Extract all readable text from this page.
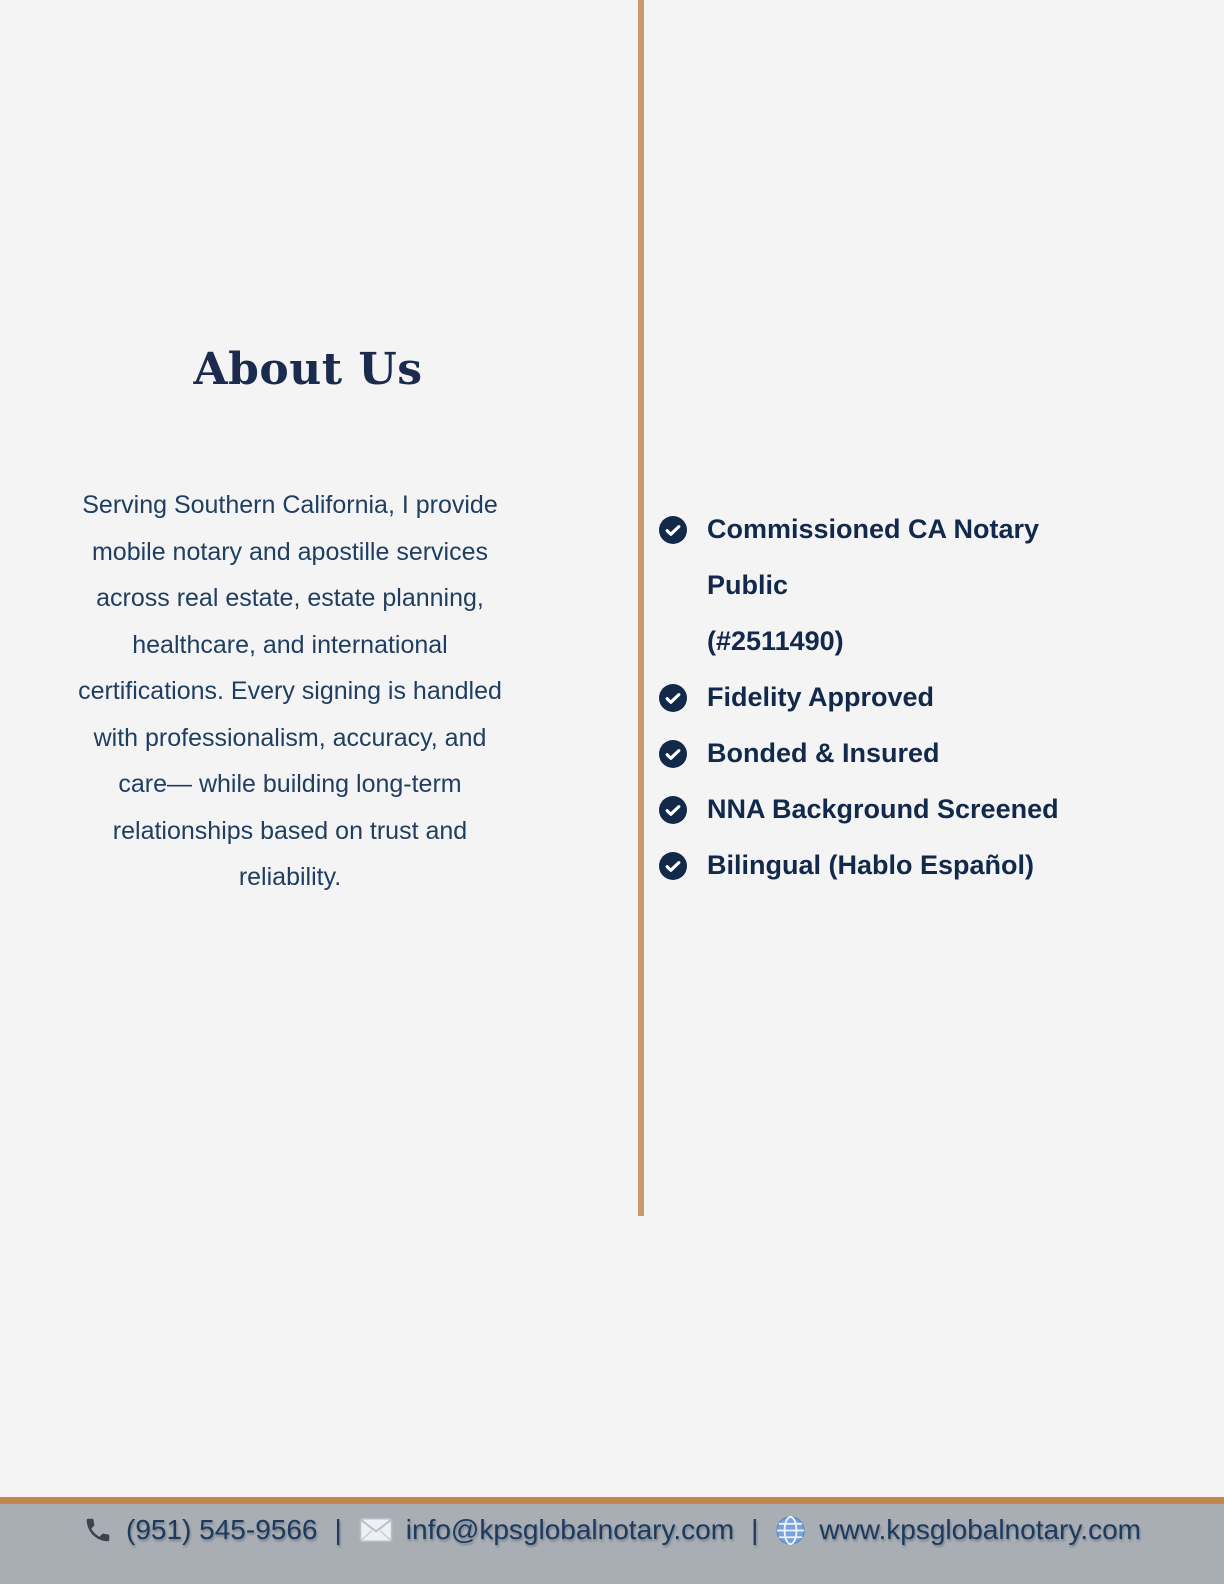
About Us

Serving Southern California, I provide mobile notary and apostille services across real estate, estate planning, healthcare, and international certifications. Every signing is handled with professionalism, accuracy, and care— while building long-term relationships based on trust and reliability.

Commissioned CA Notary Public
(#2511490)
Fidelity Approved
Bonded & Insured
NNA Background Screened
Bilingual (Hablo Español)
(951) 545-9566 | info@kpsglobalnotary.com | www.kpsglobalnotary.com
